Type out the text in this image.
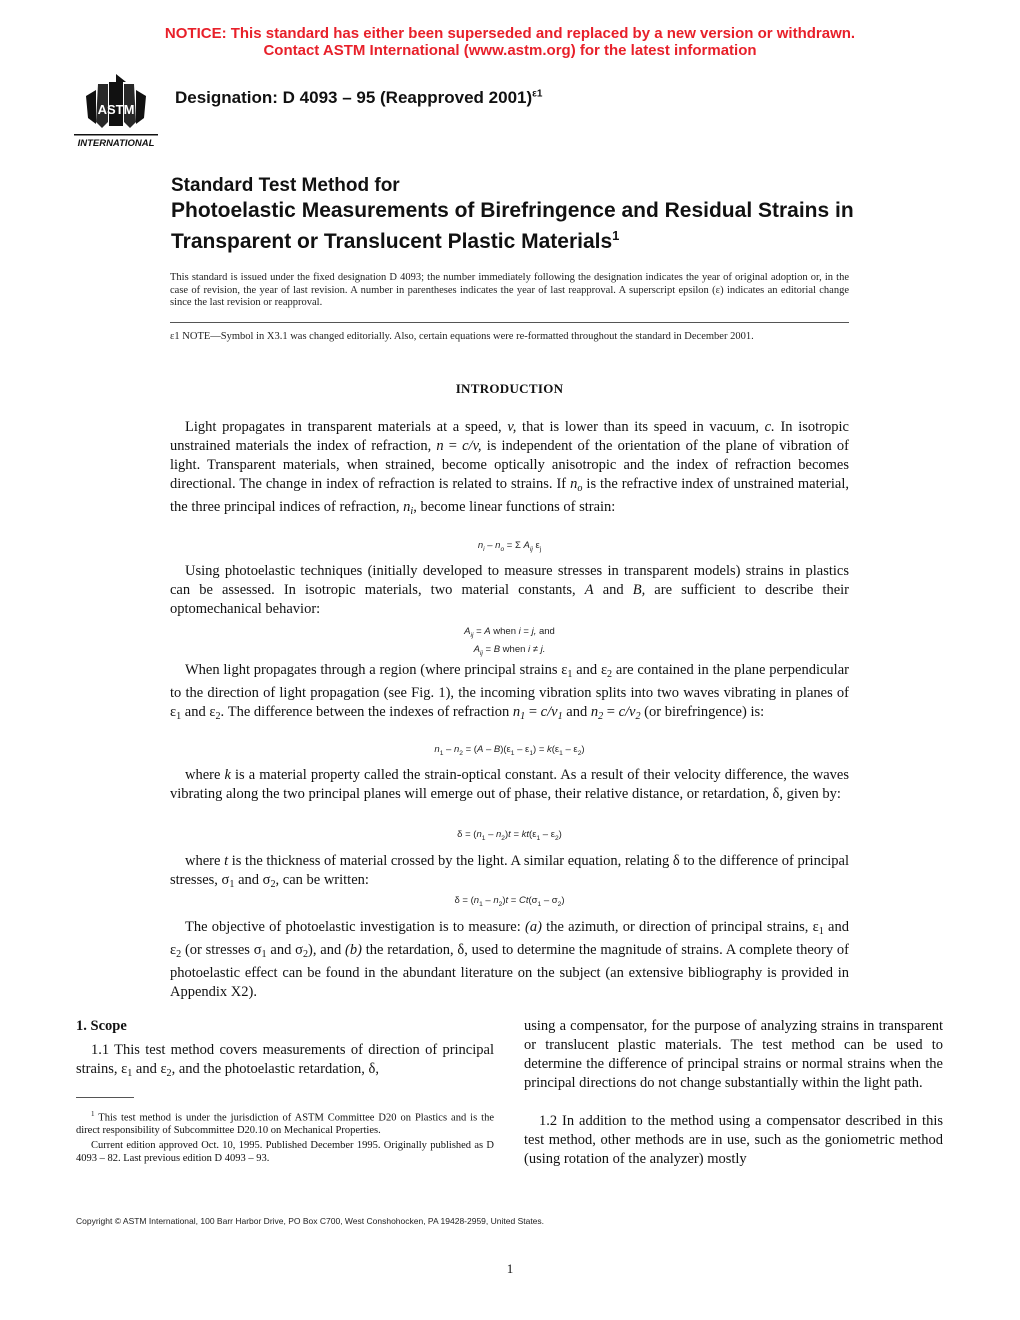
NOTICE: This standard has either been superseded and replaced by a new version or withdrawn.
Contact ASTM International (www.astm.org) for the latest information
ASTM
INTERNATIONAL
Designation: D 4093 – 95 (Reapproved 2001)$^{\varepsilon 1}$
Standard Test Method for
Photoelastic Measurements of Birefringence and Residual Strains in Transparent or Translucent Plastic Materials$^1$
This standard is issued under the fixed designation D 4093; the number immediately following the designation indicates the year of original adoption or, in the case of revision, the year of last revision. A number in parentheses indicates the year of last reapproval. A superscript epsilon (ε) indicates an editorial change since the last revision or reapproval.
ε1 NOTE—Symbol in X3.1 was changed editorially. Also, certain equations were re-formatted throughout the standard in December 2001.
INTRODUCTION
Light propagates in transparent materials at a speed, v, that is lower than its speed in vacuum, c. In isotropic unstrained materials the index of refraction, n = c/v, is independent of the orientation of the plane of vibration of light. Transparent materials, when strained, become optically anisotropic and the index of refraction becomes directional. The change in index of refraction is related to strains. If $n_o$ is the refractive index of unstrained material, the three principal indices of refraction, $n_i$, become linear functions of strain:
$n_i - n_o = \Sigma$ $A_{ij}$ $\varepsilon_j$
Using photoelastic techniques (initially developed to measure stresses in transparent models) strains in plastics can be assessed. In isotropic materials, two material constants, A and B, are sufficient to describe their optomechanical behavior:
$A_{ij} = A$ when i = j, and
$A_{ij} = B$ when i ≠ j.
When light propagates through a region (where principal strains $\varepsilon_1$ and $\varepsilon_2$ are contained in the plane perpendicular to the direction of light propagation (see Fig. 1), the incoming vibration splits into two waves vibrating in planes of $\varepsilon_1$ and $\varepsilon_2$. The difference between the indexes of refraction $n_1 = c/v_1$ and $n_2 = c/v_2$ (or birefringence) is:
$n_1 - n_2 = (A - B)(\varepsilon_1 - \varepsilon_1) = k(\varepsilon_1 - \varepsilon_2)$
where k is a material property called the strain-optical constant. As a result of their velocity difference, the waves vibrating along the two principal planes will emerge out of phase, their relative distance, or retardation, δ, given by:
$\delta = (n_1 - n_2)t = kt(\varepsilon_1 - \varepsilon_2)$
where t is the thickness of material crossed by the light. A similar equation, relating δ to the difference of principal stresses, $\sigma_1$ and $\sigma_2$, can be written:
$\delta = (n_1 - n_2)t = Ct(\sigma_1 - \sigma_2)$
The objective of photoelastic investigation is to measure: (a) the azimuth, or direction of principal strains, $\varepsilon_1$ and $\varepsilon_2$ (or stresses $\sigma_1$ and $\sigma_2$), and (b) the retardation, δ, used to determine the magnitude of strains. A complete theory of photoelastic effect can be found in the abundant literature on the subject (an extensive bibliography is provided in Appendix X2).
1. Scope
1.1 This test method covers measurements of direction of principal strains, $\varepsilon_1$ and $\varepsilon_2$, and the photoelastic retardation, δ,
$^1$ This test method is under the jurisdiction of ASTM Committee D20 on Plastics and is the direct responsibility of Subcommittee D20.10 on Mechanical Properties.
Current edition approved Oct. 10, 1995. Published December 1995. Originally published as D 4093 – 82. Last previous edition D 4093 – 93.
using a compensator, for the purpose of analyzing strains in transparent or translucent plastic materials. The test method can be used to determine the difference of principal strains or normal strains when the principal directions do not change substantially within the light path.
1.2 In addition to the method using a compensator described in this test method, other methods are in use, such as the goniometric method (using rotation of the analyzer) mostly
Copyright © ASTM International, 100 Barr Harbor Drive, PO Box C700, West Conshohocken, PA 19428-2959, United States.
1
